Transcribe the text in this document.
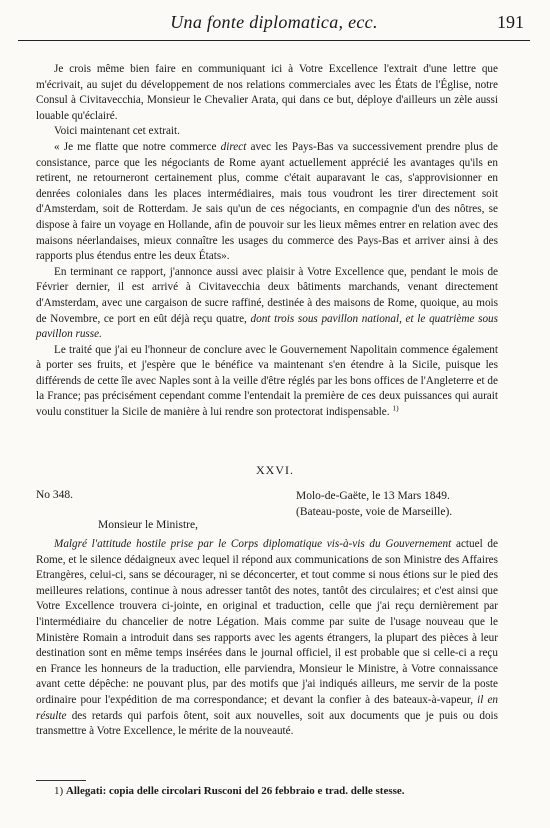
Una fonte diplomatica, ecc.	191

Je crois même bien faire en communiquant ici à Votre Excellence l'extrait d'une lettre que m'écrivait, au sujet du développement de nos relations commerciales avec les États de l'Église, notre Consul à Civitavecchia, Monsieur le Chevalier Arata, qui dans ce but, déploye d'ailleurs un zèle aussi louable qu'éclairé.

Voici maintenant cet extrait.

« Je me flatte que notre commerce direct avec les Pays-Bas va successivement prendre plus de consistance, parce que les négociants de Rome ayant actuellement apprécié les avantages qu'ils en retirent, ne retourneront certainement plus, comme c'était auparavant le cas, s'approvisionner en denrées coloniales dans les places intermédiaires, mais tous voudront les tirer directement soit d'Amsterdam, soit de Rotterdam. Je sais qu'un de ces négociants, en compagnie d'un des nôtres, se dispose à faire un voyage en Hollande, afin de pouvoir sur les lieux mêmes entrer en relation avec des maisons néerlandaises, mieux connaître les usages du commerce des Pays-Bas et arriver ainsi à des rapports plus étendus entre les deux États».

En terminant ce rapport, j'annonce aussi avec plaisir à Votre Excellence que, pendant le mois de Février dernier, il est arrivé à Civitavecchia deux bâtiments marchands, venant directement d'Amsterdam, avec une cargaison de sucre raffiné, destinée à des maisons de Rome, quoique, au mois de Novembre, ce port en eût déjà reçu quatre, dont trois sous pavillon national, et le quatrième sous pavillon russe.

Le traité que j'ai eu l'honneur de conclure avec le Gouvernement Napolitain commence également à porter ses fruits, et j'espère que le bénéfice va maintenant s'en étendre à la Sicile, puisque les différends de cette île avec Naples sont à la veille d'être réglés par les bons offices de l'Angleterre et de la France; pas précisément cependant comme l'entendait la première de ces deux puissances qui aurait voulu constituer la Sicile de manière à lui rendre son protectorat indispensable. $^{1)}$

XXVI.
No 348.	Molo-de-Gaëte, le 13 Mars 1849.
(Bateau-poste, voie de Marseille).
Monsieur le Ministre,

Malgré l'attitude hostile prise par le Corps diplomatique vis-à-vis du Gouvernement actuel de Rome, et le silence dédaigneux avec lequel il répond aux communications de son Ministre des Affaires Etrangères, celui-ci, sans se décourager, ni se déconcerter, et tout comme si nous étions sur le pied des meilleures relations, continue à nous adresser tantôt des notes, tantôt des circulaires; et c'est ainsi que Votre Excellence trouvera ci-jointe, en original et traduction, celle que j'ai reçu dernièrement par l'intermédiaire du chancelier de notre Légation. Mais comme par suite de l'usage nouveau que le Ministère Romain a introduit dans ses rapports avec les agents étrangers, la plupart des pièces à leur destination sont en même temps insérées dans le journal officiel, il est probable que si celle-ci a reçu en France les honneurs de la traduction, elle parviendra, Monsieur le Ministre, à Votre connaissance avant cette dépêche: ne pouvant plus, par des motifs que j'ai indiqués ailleurs, me servir de la poste ordinaire pour l'expédition de ma correspondance; et devant la confier à des bateaux-à-vapeur, il en résulte des retards qui parfois ôtent, soit aux nouvelles, soit aux documents que je puis ou dois transmettre à Votre Excellence, le mérite de la nouveauté.

1) Allegati: copia delle circolari Rusconi del 26 febbraio e trad. delle stesse.
